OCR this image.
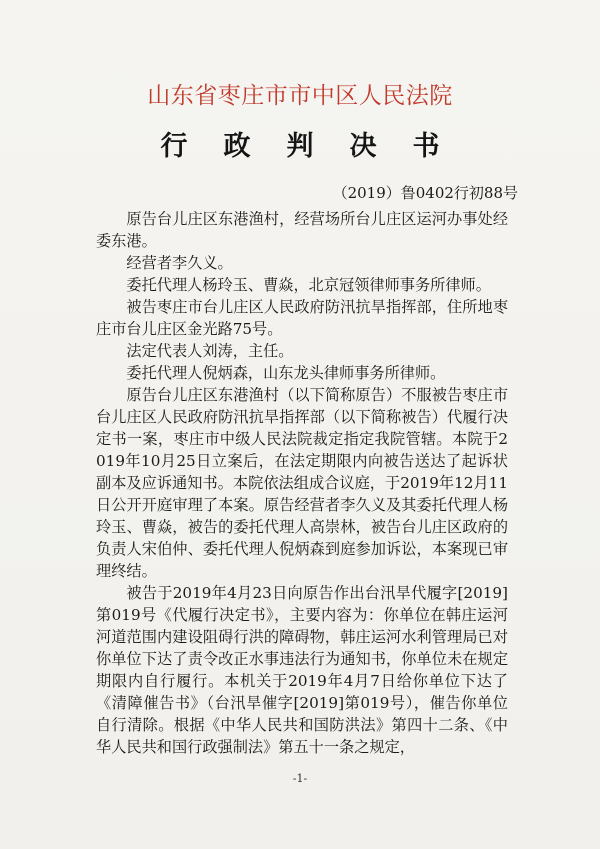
山东省枣庄市市中区人民法院
行政判决书
（2019）鲁0402行初88号

原告台儿庄区东港渔村，经营场所台儿庄区运河办事处经委东港。

经营者李久义。

委托代理人杨玲玉、曹焱，北京冠领律师事务所律师。

被告枣庄市台儿庄区人民政府防汛抗旱指挥部，住所地枣庄市台儿庄区金光路75号。

法定代表人刘涛，主任。

委托代理人倪炳森，山东龙头律师事务所律师。

原告台儿庄区东港渔村（以下简称原告）不服被告枣庄市台儿庄区人民政府防汛抗旱指挥部（以下简称被告）代履行决定书一案，枣庄市中级人民法院裁定指定我院管辖。本院于2019年10月25日立案后，在法定期限内向被告送达了起诉状副本及应诉通知书。本院依法组成合议庭，于2019年12月11日公开开庭审理了本案。原告经营者李久义及其委托代理人杨玲玉、曹焱，被告的委托代理人高崇林，被告台儿庄区政府的负责人宋伯仲、委托代理人倪炳森到庭参加诉讼，本案现已审理终结。

被告于2019年4月23日向原告作出台汛旱代履字[2019]第019号《代履行决定书》，主要内容为：你单位在韩庄运河河道范围内建设阻碍行洪的障碍物，韩庄运河水利管理局已对你单位下达了责令改正水事违法行为通知书，你单位未在规定期限内自行履行。本机关于2019年4月7日给你单位下达了《清障催告书》（台汛旱催字[2019]第019号），催告你单位自行清除。根据《中华人民共和国防洪法》第四十二条、《中华人民共和国行政强制法》第五十一条之规定，

-1-
